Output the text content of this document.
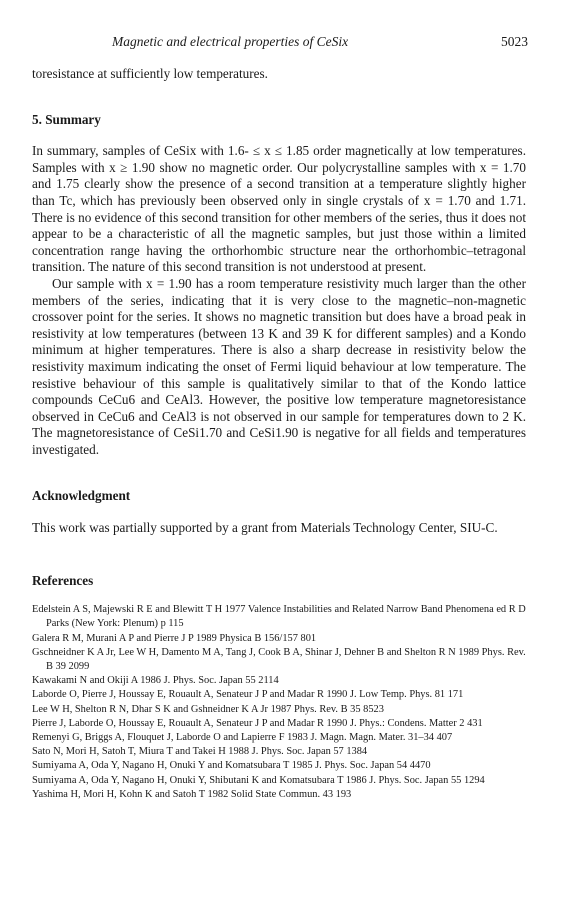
Magnetic and electrical properties of CeSix	5023

toresistance at sufficiently low temperatures.

5. Summary

In summary, samples of CeSix with 1.6- ≤ x ≤ 1.85 order magnetically at low temperatures. Samples with x ≥ 1.90 show no magnetic order. Our polycrystalline samples with x = 1.70 and 1.75 clearly show the presence of a second transition at a temperature slightly higher than Tc, which has previously been observed only in single crystals of x = 1.70 and 1.71. There is no evidence of this second transition for other members of the series, thus it does not appear to be a characteristic of all the magnetic samples, but just those within a limited concentration range having the orthorhombic structure near the orthorhombic–tetragonal transition. The nature of this second transition is not understood at present.

Our sample with x = 1.90 has a room temperature resistivity much larger than the other members of the series, indicating that it is very close to the magnetic–non-magnetic crossover point for the series. It shows no magnetic transition but does have a broad peak in resistivity at low temperatures (between 13 K and 39 K for different samples) and a Kondo minimum at higher temperatures. There is also a sharp decrease in resistivity below the resistivity maximum indicating the onset of Fermi liquid behaviour at low temperature. The resistive behaviour of this sample is qualitatively similar to that of the Kondo lattice compounds CeCu6 and CeAl3. However, the positive low temperature magnetoresistance observed in CeCu6 and CeAl3 is not observed in our sample for temperatures down to 2 K. The magnetoresistance of CeSi1.70 and CeSi1.90 is negative for all fields and temperatures investigated.

Acknowledgment

This work was partially supported by a grant from Materials Technology Center, SIU-C.

References
Edelstein A S, Majewski R E and Blewitt T H 1977 Valence Instabilities and Related Narrow Band Phenomena ed R D Parks (New York: Plenum) p 115
Galera R M, Murani A P and Pierre J P 1989 Physica B 156/157 801
Gschneidner K A Jr, Lee W H, Damento M A, Tang J, Cook B A, Shinar J, Dehner B and Shelton R N 1989 Phys. Rev. B 39 2099
Kawakami N and Okiji A 1986 J. Phys. Soc. Japan 55 2114
Laborde O, Pierre J, Houssay E, Rouault A, Senateur J P and Madar R 1990 J. Low Temp. Phys. 81 171
Lee W H, Shelton R N, Dhar S K and Gshneidner K A Jr 1987 Phys. Rev. B 35 8523
Pierre J, Laborde O, Houssay E, Rouault A, Senateur J P and Madar R 1990 J. Phys.: Condens. Matter 2 431
Remenyi G, Briggs A, Flouquet J, Laborde O and Lapierre F 1983 J. Magn. Magn. Mater. 31–34 407
Sato N, Mori H, Satoh T, Miura T and Takei H 1988 J. Phys. Soc. Japan 57 1384
Sumiyama A, Oda Y, Nagano H, Onuki Y and Komatsubara T 1985 J. Phys. Soc. Japan 54 4470
Sumiyama A, Oda Y, Nagano H, Onuki Y, Shibutani K and Komatsubara T 1986 J. Phys. Soc. Japan 55 1294
Yashima H, Mori H, Kohn K and Satoh T 1982 Solid State Commun. 43 193
